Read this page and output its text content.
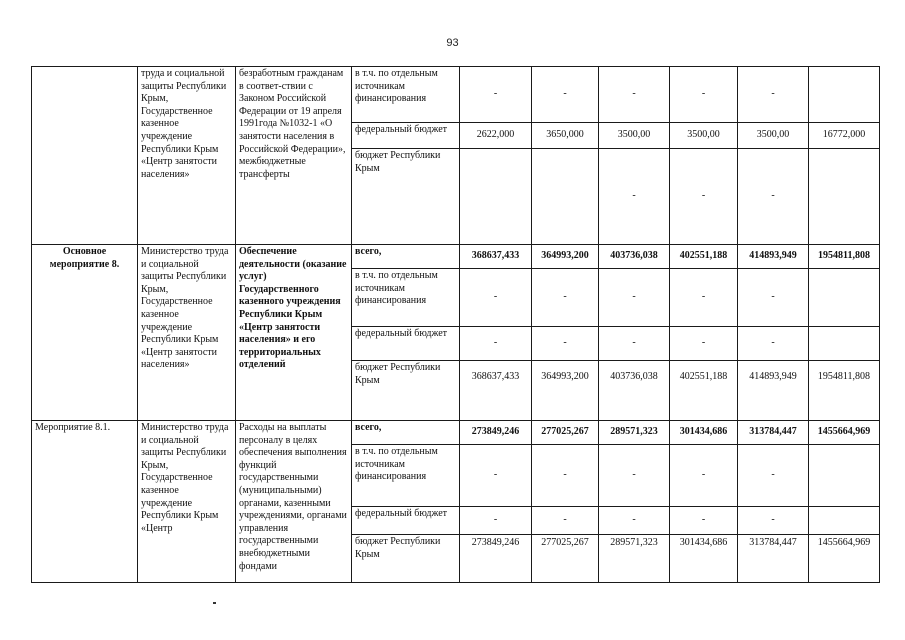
93
	труда и социальной защиты Республики Крым, Государственное казенное учреждение Республики Крым «Центр занятости населения»	безработным гражданам в соответ-ствии с Законом Российской Федерации от 19 апреля 1991года №1032-1 «О занятости населения в Российской Федерации», межбюджетные трансферты	в т.ч. по отдельным источникам финансирования	-	-	-	-	-	
			федеральный бюджет	2622,000	3650,000	3500,00	3500,00	3500,00	16772,000
			бюджет Республики Крым			-	-	-	
Основное мероприятие 8.	Министерство труда и социальной защиты Республики Крым, Государственное казенное учреждение Республики Крым «Центр занятости населения»	Обеспечение деятельности (оказание услуг) Государственного казенного учреждения Республики Крым «Центр занятости населения» и его территориальных отделений	всего,	368637,433	364993,200	403736,038	402551,188	414893,949	1954811,808
			в т.ч. по отдельным источникам финансирования	-	-	-	-	-	
			федеральный бюджет	-	-	-	-	-	
			бюджет Республики Крым	368637,433	364993,200	403736,038	402551,188	414893,949	1954811,808
Мероприятие 8.1.	Министерство труда и социальной защиты Республики Крым, Государственное казенное учреждение Республики Крым «Центр	Расходы на выплаты персоналу в целях обеспечения выполнения функций государственными (муниципальными) органами, казенными учреждениями, органами управления государственными внебюджетными фондами	всего,	273849,246	277025,267	289571,323	301434,686	313784,447	1455664,969
			в т.ч. по отдельным источникам финансирования	-	-	-	-	-	
			федеральный бюджет	-	-	-	-	-	
			бюджет Республики Крым	273849,246	277025,267	289571,323	301434,686	313784,447	1455664,969
